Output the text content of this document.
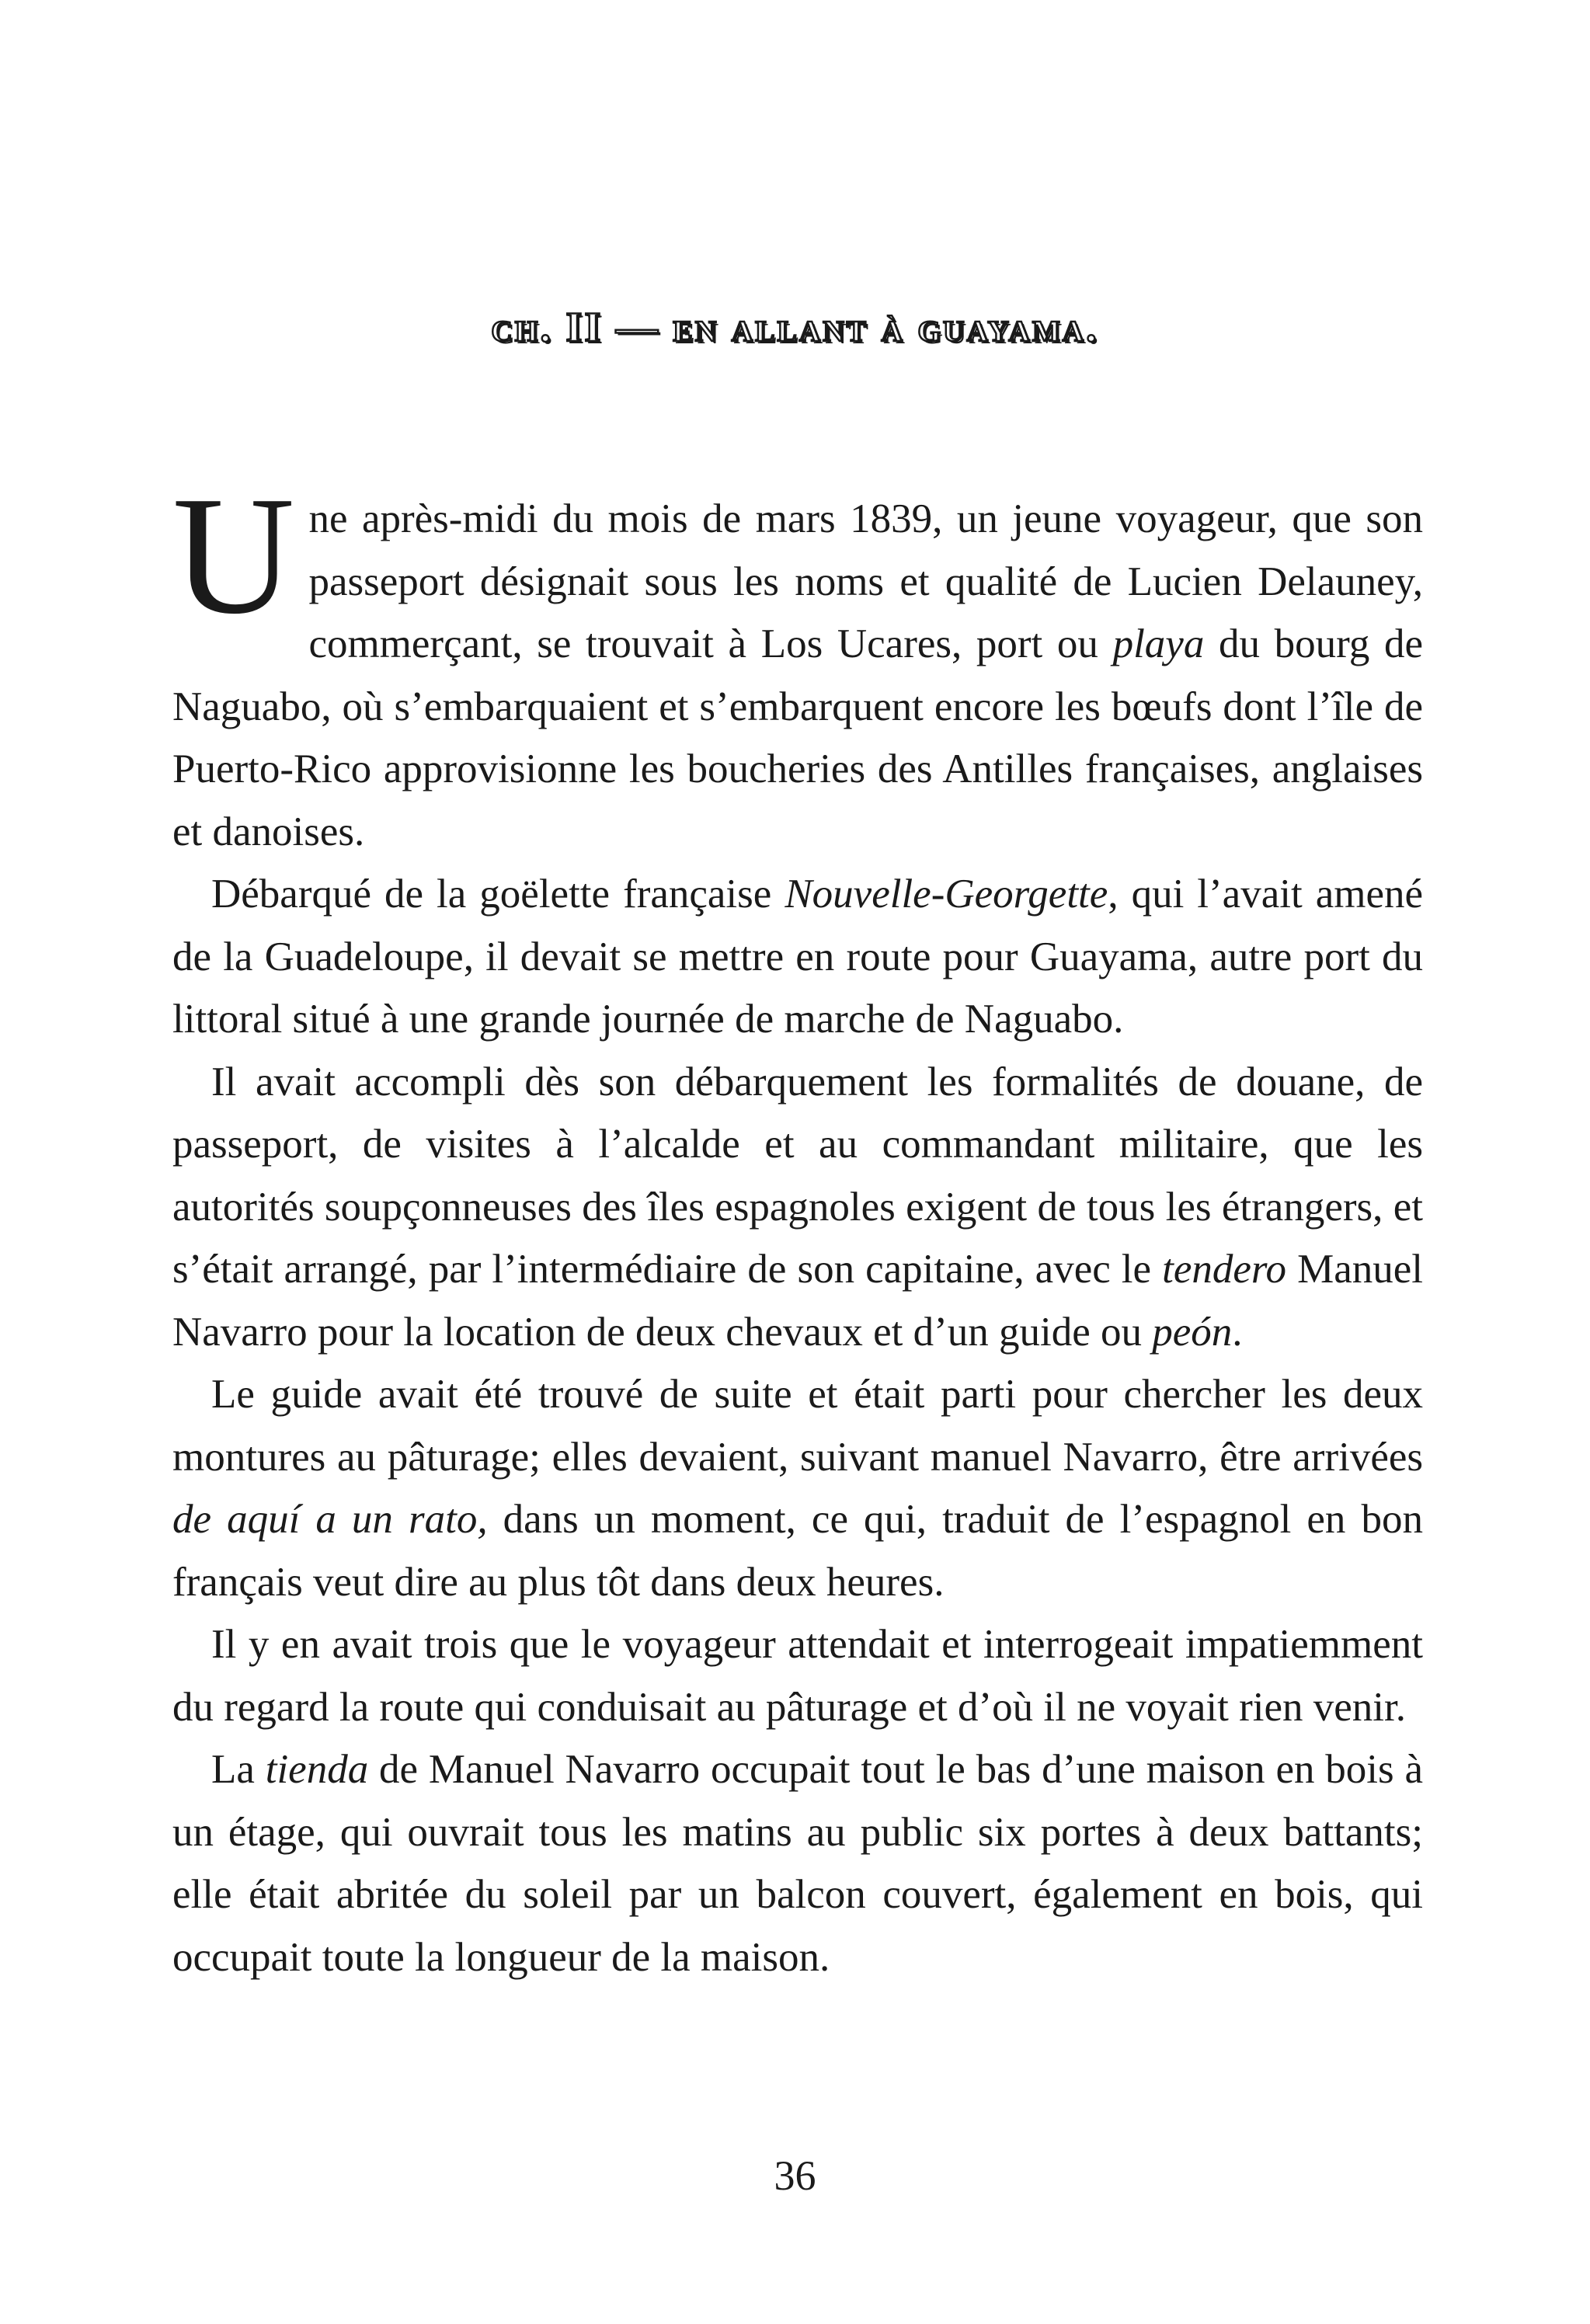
ch. II — en allant à guayama.

Une après-midi du mois de mars 1839, un jeune voyageur, que son passeport désignait sous les noms et qualité de Lucien Delauney, commerçant, se trouvait à Los Ucares, port ou playa du bourg de Naguabo, où s’embarquaient et s’embarquent encore les bœufs dont l’île de Puerto-Rico approvisionne les boucheries des Antilles françaises, anglaises et danoises.

Débarqué de la goëlette française Nouvelle-Georgette, qui l’avait amené de la Guadeloupe, il devait se mettre en route pour Guayama, autre port du littoral situé à une grande journée de marche de Naguabo.

Il avait accompli dès son débarquement les formalités de douane, de passeport, de visites à l’alcalde et au commandant militaire, que les autorités soupçonneuses des îles espagnoles exigent de tous les étrangers, et s’était arrangé, par l’intermédiaire de son capitaine, avec le tendero Manuel Navarro pour la location de deux chevaux et d’un guide ou peón.

Le guide avait été trouvé de suite et était parti pour chercher les deux montures au pâturage; elles devaient, suivant manuel Navarro, être arrivées de aquí a un rato, dans un moment, ce qui, traduit de l’espagnol en bon français veut dire au plus tôt dans deux heures.

Il y en avait trois que le voyageur attendait et interrogeait impatiemment du regard la route qui conduisait au pâturage et d’où il ne voyait rien venir.

La tienda de Manuel Navarro occupait tout le bas d’une maison en bois à un étage, qui ouvrait tous les matins au public six portes à deux battants; elle était abritée du soleil par un balcon couvert, également en bois, qui occupait toute la longueur de la maison.

36
